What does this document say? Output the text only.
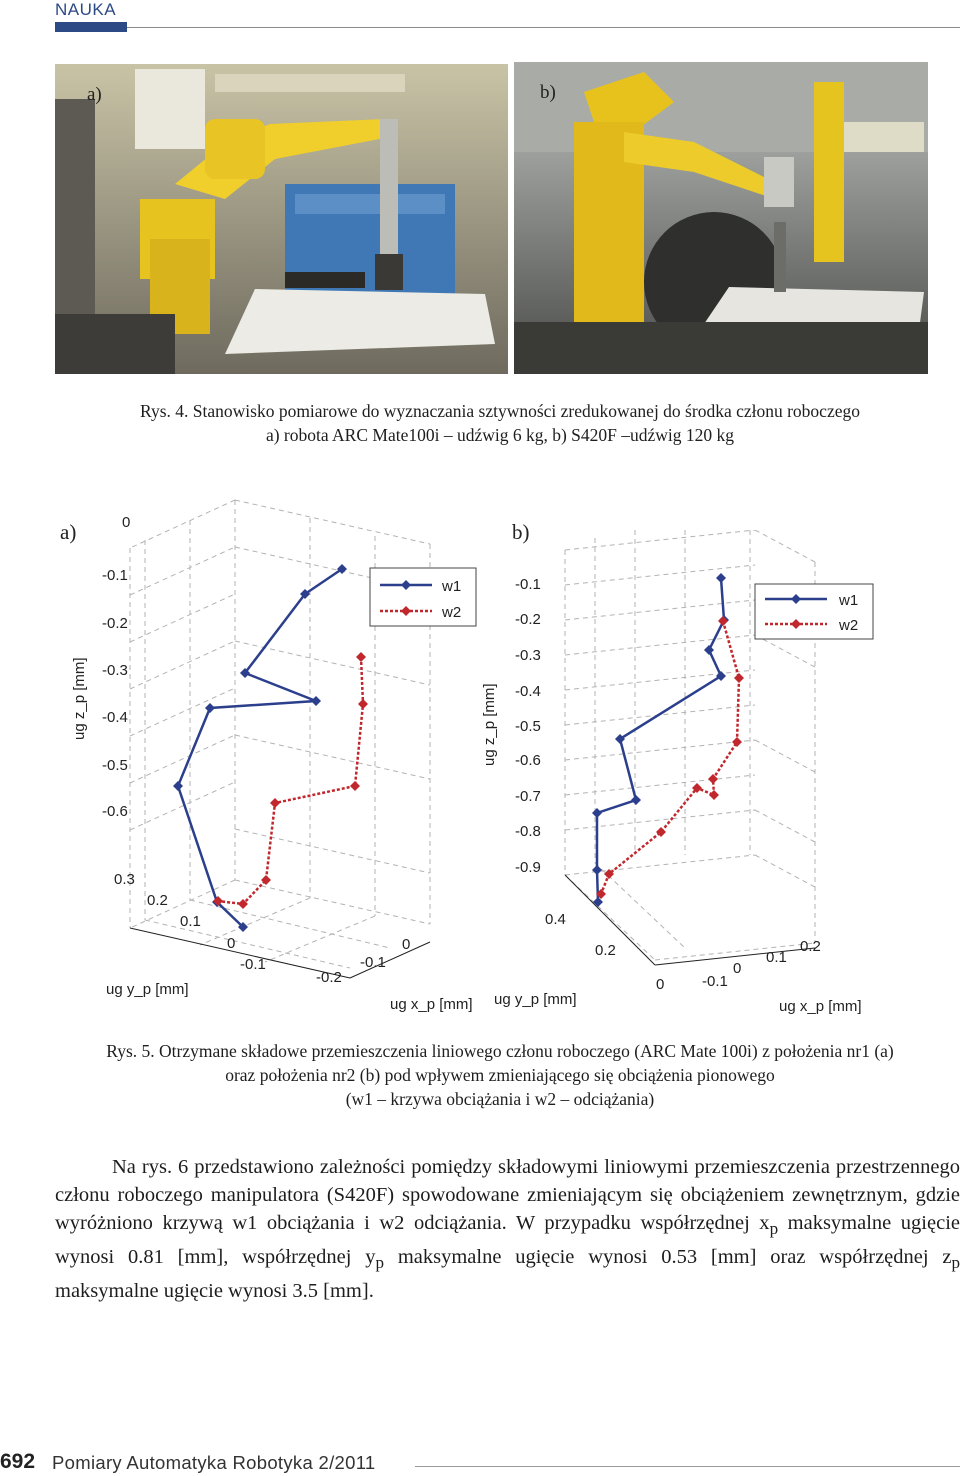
NAUKA
a)	b)
Rys. 4. Stanowisko pomiarowe do wyznaczania sztywności zredukowanej do środka członu roboczego
a) robota ARC Mate100i – udźwig 6 kg, b) S420F –udźwig 120 kg
a)	b)
0
-0.1
-0.2
-0.3
-0.4
-0.5
-0.6
ug z_p [mm]
0.3
0.2
0.1
0
-0.1
-0.2
ug y_p [mm]
-0.1
0
ug x_p [mm]
w1
w2
-0.1
-0.2
-0.3
-0.4
-0.5
-0.6
-0.7
-0.8
-0.9
ug z_p [mm]
0.4
0.2
0
ug y_p [mm]
-0.1
0
0.1
0.2
ug x_p [mm]
w1
w2
Rys. 5. Otrzymane składowe przemieszczenia liniowego członu roboczego (ARC Mate 100i) z położenia nr1 (a)
oraz położenia nr2 (b) pod wpływem zmieniającego się obciążenia pionowego
(w1 – krzywa obciążania i w2 – odciążania)

Na rys. 6 przedstawiono zależności pomiędzy składowymi liniowymi przemieszczenia przestrzennego członu roboczego manipulatora (S420F) spowodowane zmieniającym się obciążeniem zewnętrznym, gdzie wyróżniono krzywą w1 obciążania i w2 odciążania. W przypadku współrzędnej $x_p$ maksymalne ugięcie wynosi 0.81 [mm], współrzędnej $y_p$ maksymalne ugięcie wynosi 0.53 [mm] oraz współrzędnej $z_p$ maksymalne ugięcie wynosi 3.5 [mm].

692 Pomiary Automatyka Robotyka 2/2011
